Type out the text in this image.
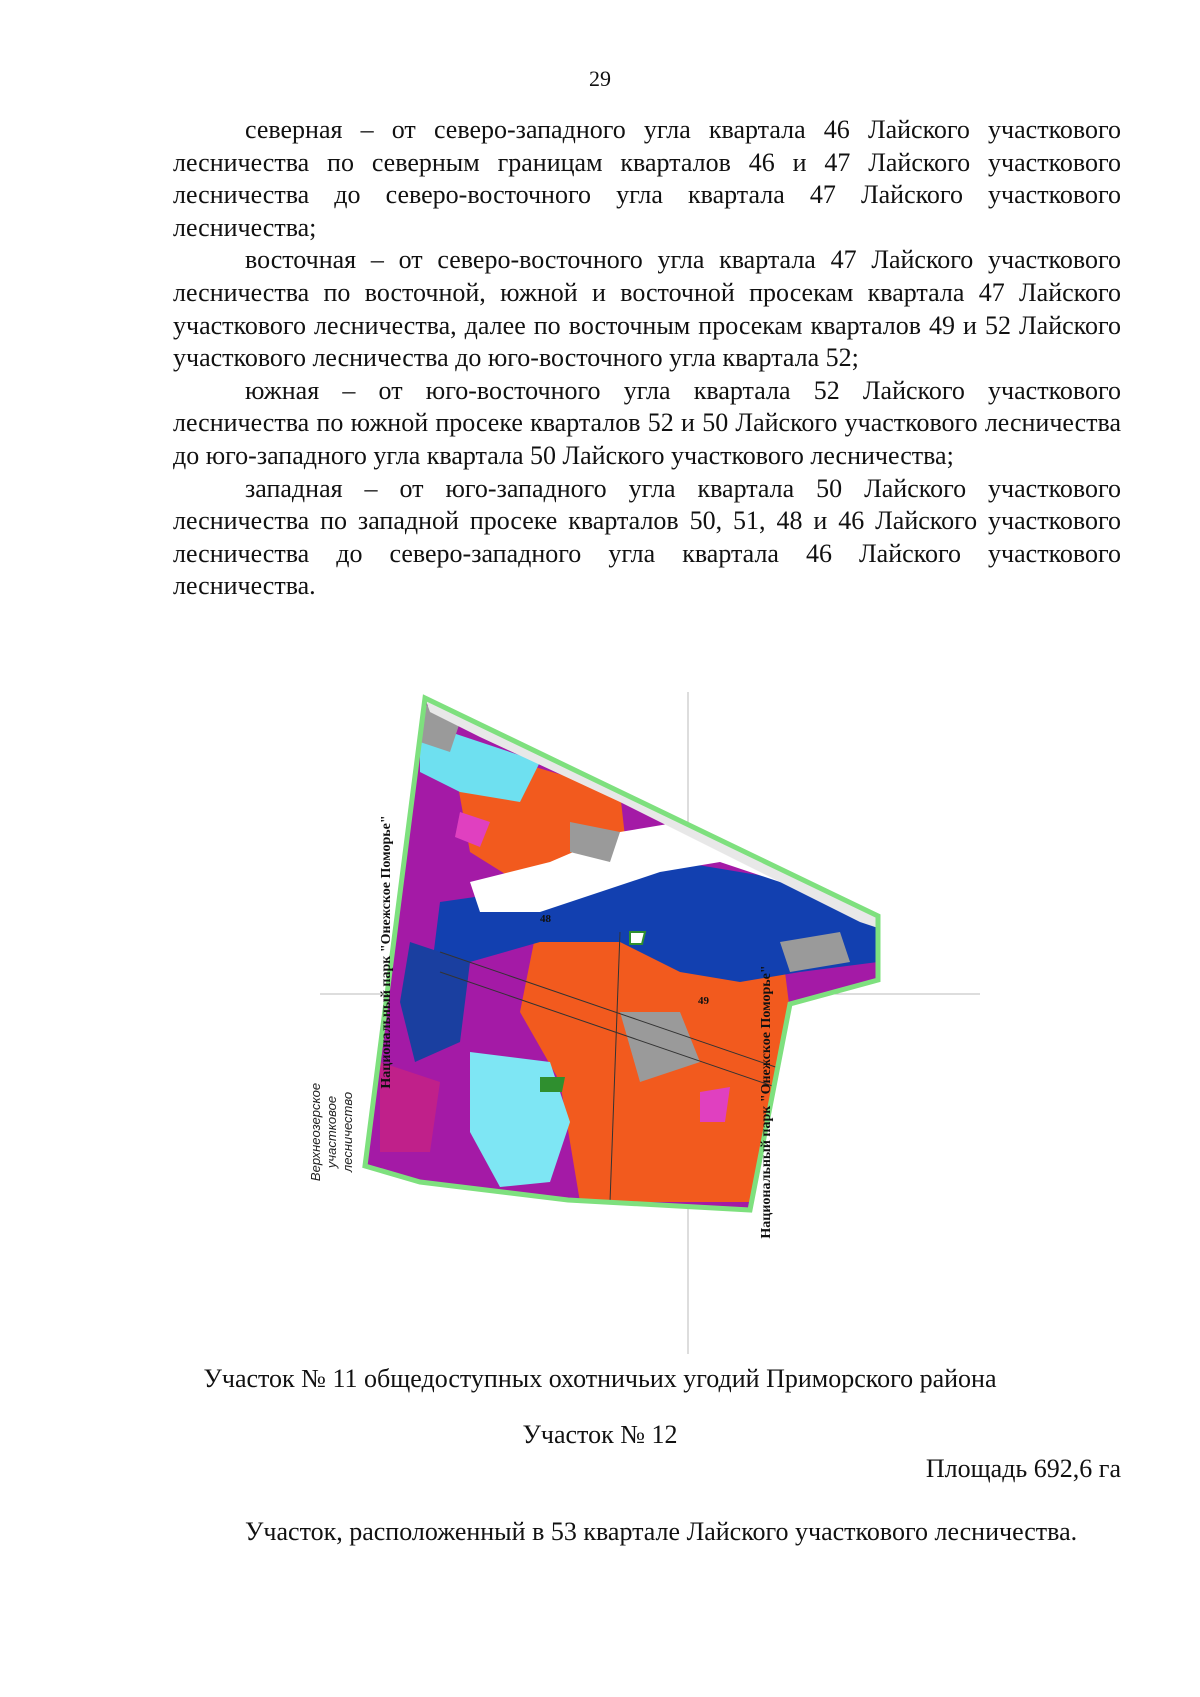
29

северная – от северо-западного угла квартала 46 Лайского участкового лесничества по северным границам кварталов 46 и 47 Лайского участкового лесничества до северо-восточного угла квартала 47 Лайского участкового лесничества;

восточная – от северо-восточного угла квартала 47 Лайского участкового лесничества по восточной, южной и восточной просекам квартала 47 Лайского участкового лесничества, далее по восточным просекам кварталов 49 и 52 Лайского участкового лесничества до юго-восточного угла квартала 52;

южная – от юго-восточного угла квартала 52 Лайского участкового лесничества по южной просеке кварталов 52 и 50 Лайского участкового лесничества до юго-западного угла квартала 50 Лайского участкового лесничества;

западная – от юго-западного угла квартала 50 Лайского участкового лесничества по западной просеке кварталов 50, 51, 48 и 46 Лайского участкового лесничества до северо-западного угла квартала 46 Лайского участкового лесничества.

48
49
Национальный парк "Онежское Поморье"
Национальный парк "Онежское Поморье"
Верхнеозерское участковое лесничество
Участок № 11 общедоступных охотничьих угодий Приморского района
Участок № 12
Площадь 692,6 га

Участок, расположенный в 53 квартале Лайского участкового лесничества.
